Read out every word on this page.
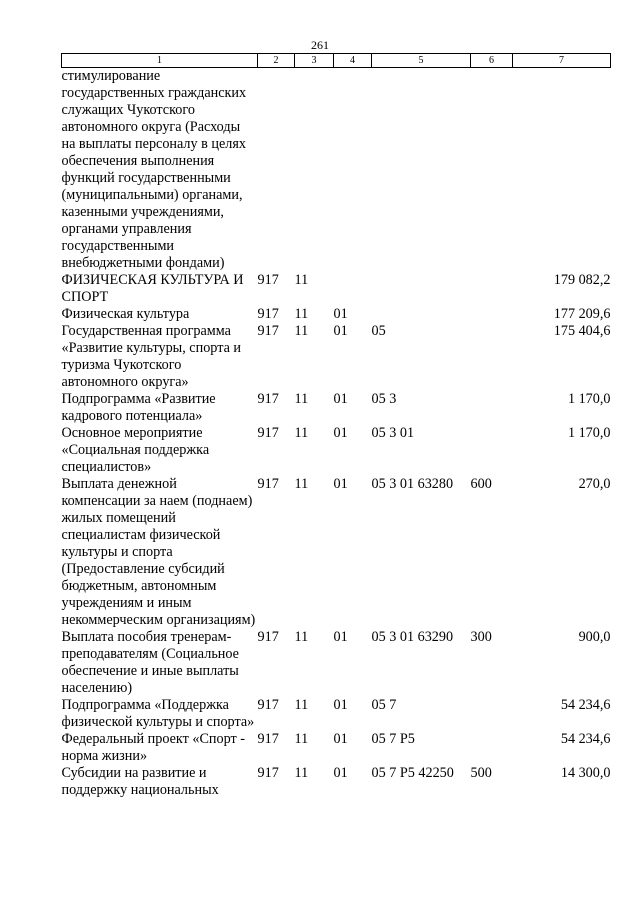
261
1	2	3	4	5	6	7
стимулирование государственных гражданских служащих Чукотского автономного округа (Расходы на выплаты персоналу в целях обеспечения выполнения функций государственными (муниципальными) органами, казенными учреждениями, органами управления государственными внебюджетными фондами)						
ФИЗИЧЕСКАЯ КУЛЬТУРА И СПОРТ	917	11				179 082,2
Физическая культура	917	11	01			177 209,6
Государственная программа «Развитие культуры, спорта и туризма Чукотского автономного округа»	917	11	01	05		175 404,6
Подпрограмма «Развитие кадрового потенциала»	917	11	01	05 3		1 170,0
Основное мероприятие «Социальная поддержка специалистов»	917	11	01	05 3 01		1 170,0
Выплата денежной компенсации за наем (поднаем) жилых помещений специалистам физической культуры и спорта (Предоставление субсидий бюджетным, автономным учреждениям и иным некоммерческим организациям)	917	11	01	05 3 01 63280	600	270,0
Выплата пособия тренерам-преподавателям (Социальное обеспечение и иные выплаты населению)	917	11	01	05 3 01 63290	300	900,0
Подпрограмма «Поддержка физической культуры и спорта»	917	11	01	05 7		54 234,6
Федеральный проект «Спорт - норма жизни»	917	11	01	05 7 P5		54 234,6
Субсидии на развитие и поддержку национальных	917	11	01	05 7 P5 42250	500	14 300,0
